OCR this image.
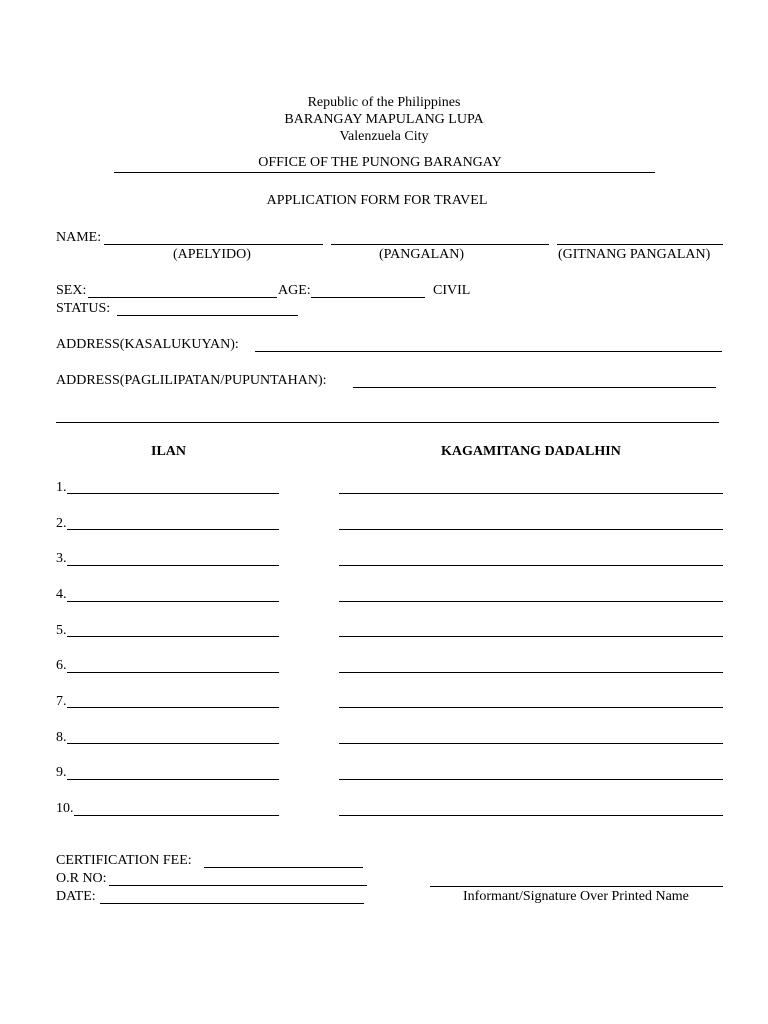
Republic of the Philippines
BARANGAY MAPULANG LUPA
Valenzuela City
OFFICE OF THE PUNONG BARANGAY
APPLICATION FORM FOR TRAVEL
NAME:
(APELYIDO)	(PANGALAN)	(GITNANG PANGALAN)
SEX:	AGE:	CIVIL
STATUS:
ADDRESS(KASALUKUYAN):
ADDRESS(PAGLILIPATAN/PUPUNTAHAN):
ILAN	KAGAMITANG DADALHIN
1.
2.
3.
4.
5.
6.
7.
8.
9.
10.
CERTIFICATION FEE:
O.R NO:
DATE:	Informant/Signature Over Printed Name
